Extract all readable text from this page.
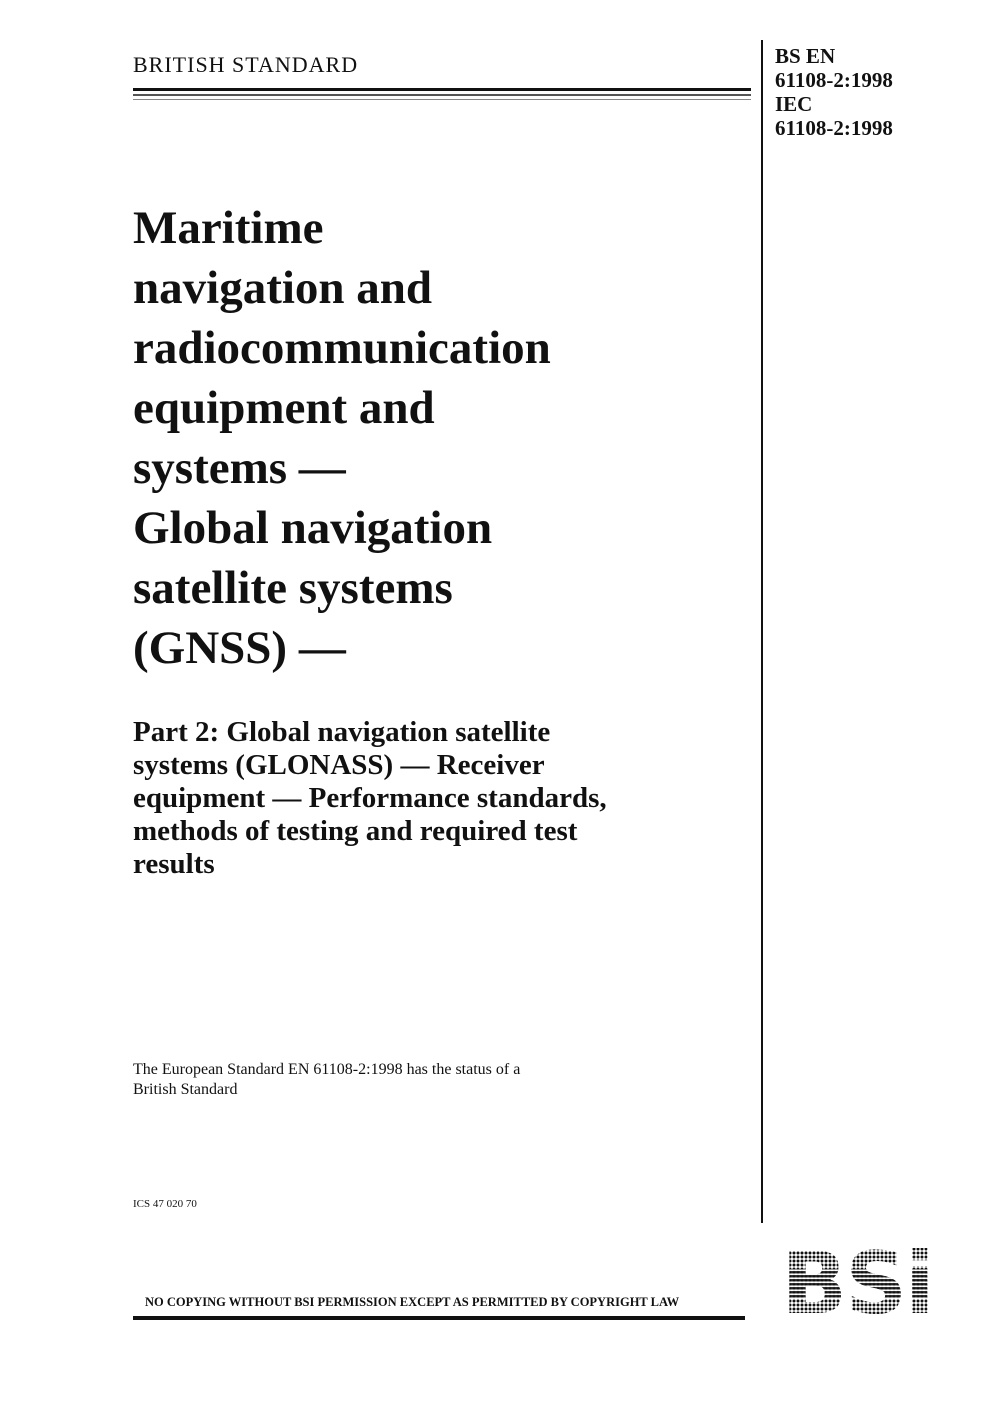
BRITISH STANDARD	BS EN
61108-2:1998
IEC
61108-2:1998
Maritime
navigation and
radiocommunication
equipment and
systems —
Global navigation
satellite systems
(GNSS) —
Part 2: Global navigation satellite
systems (GLONASS) — Receiver
equipment — Performance standards,
methods of testing and required test
results
The European Standard EN 61108-2:1998 has the status of a
British Standard
ICS 47 020 70
NO COPYING WITHOUT BSI PERMISSION EXCEPT AS PERMITTED BY COPYRIGHT LAW
